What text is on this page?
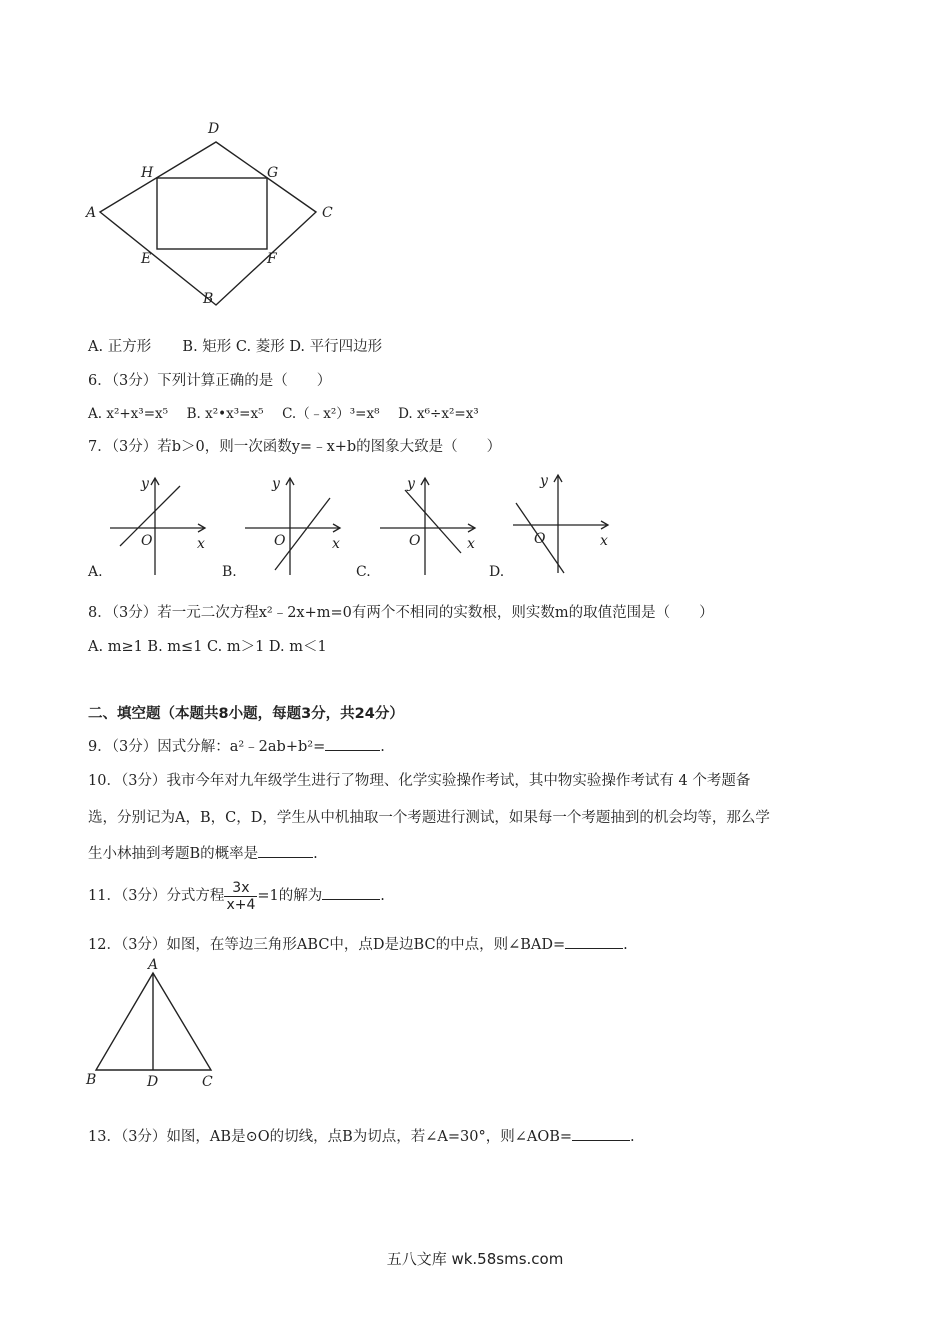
D
H	G
A	C
E	F
B
A. 正方形 B. 矩形 C. 菱形 D. 平行四边形
6．（3分）下列计算正确的是（　　）
A. x²+x³=x⁵ B. x²•x³=x⁵ C.（﹣x²）³=x⁸ D. x⁶÷x²=x³
7．（3分）若b＞0，则一次函数y=﹣x+b的图象大致是（　　）
y
x
O
y
x
O
y
x
O
y
x
O
A.	B.	C.	D.
8．（3分）若一元二次方程x²﹣2x+m=0有两个不相同的实数根，则实数m的取值范围是（　　）
A. m≥1 B. m≤1 C. m＞1 D. m＜1
二、填空题（本题共8小题，每题3分，共24分）
9．（3分）因式分解：a²﹣2ab+b²=	.
10．（3分）我市今年对九年级学生进行了物理、化学实验操作考试，其中物实验操作考试有 4 个考题备
选，分别记为A，B，C，D，学生从中机抽取一个考题进行测试，如果每一个考题抽到的机会均等，那么学
生小林抽到考题B的概率是	.
11．（3分）分式方程 $\frac{3x}{x+4} =1$的解为	.
12．（3分）如图，在等边三角形ABC中，点D是边BC的中点，则∠BAD=	.
A
B	D	C
13．（3分）如图，AB是⊙O的切线，点B为切点，若∠A=30°，则∠AOB=	.
五八文库 wk.58sms.com
